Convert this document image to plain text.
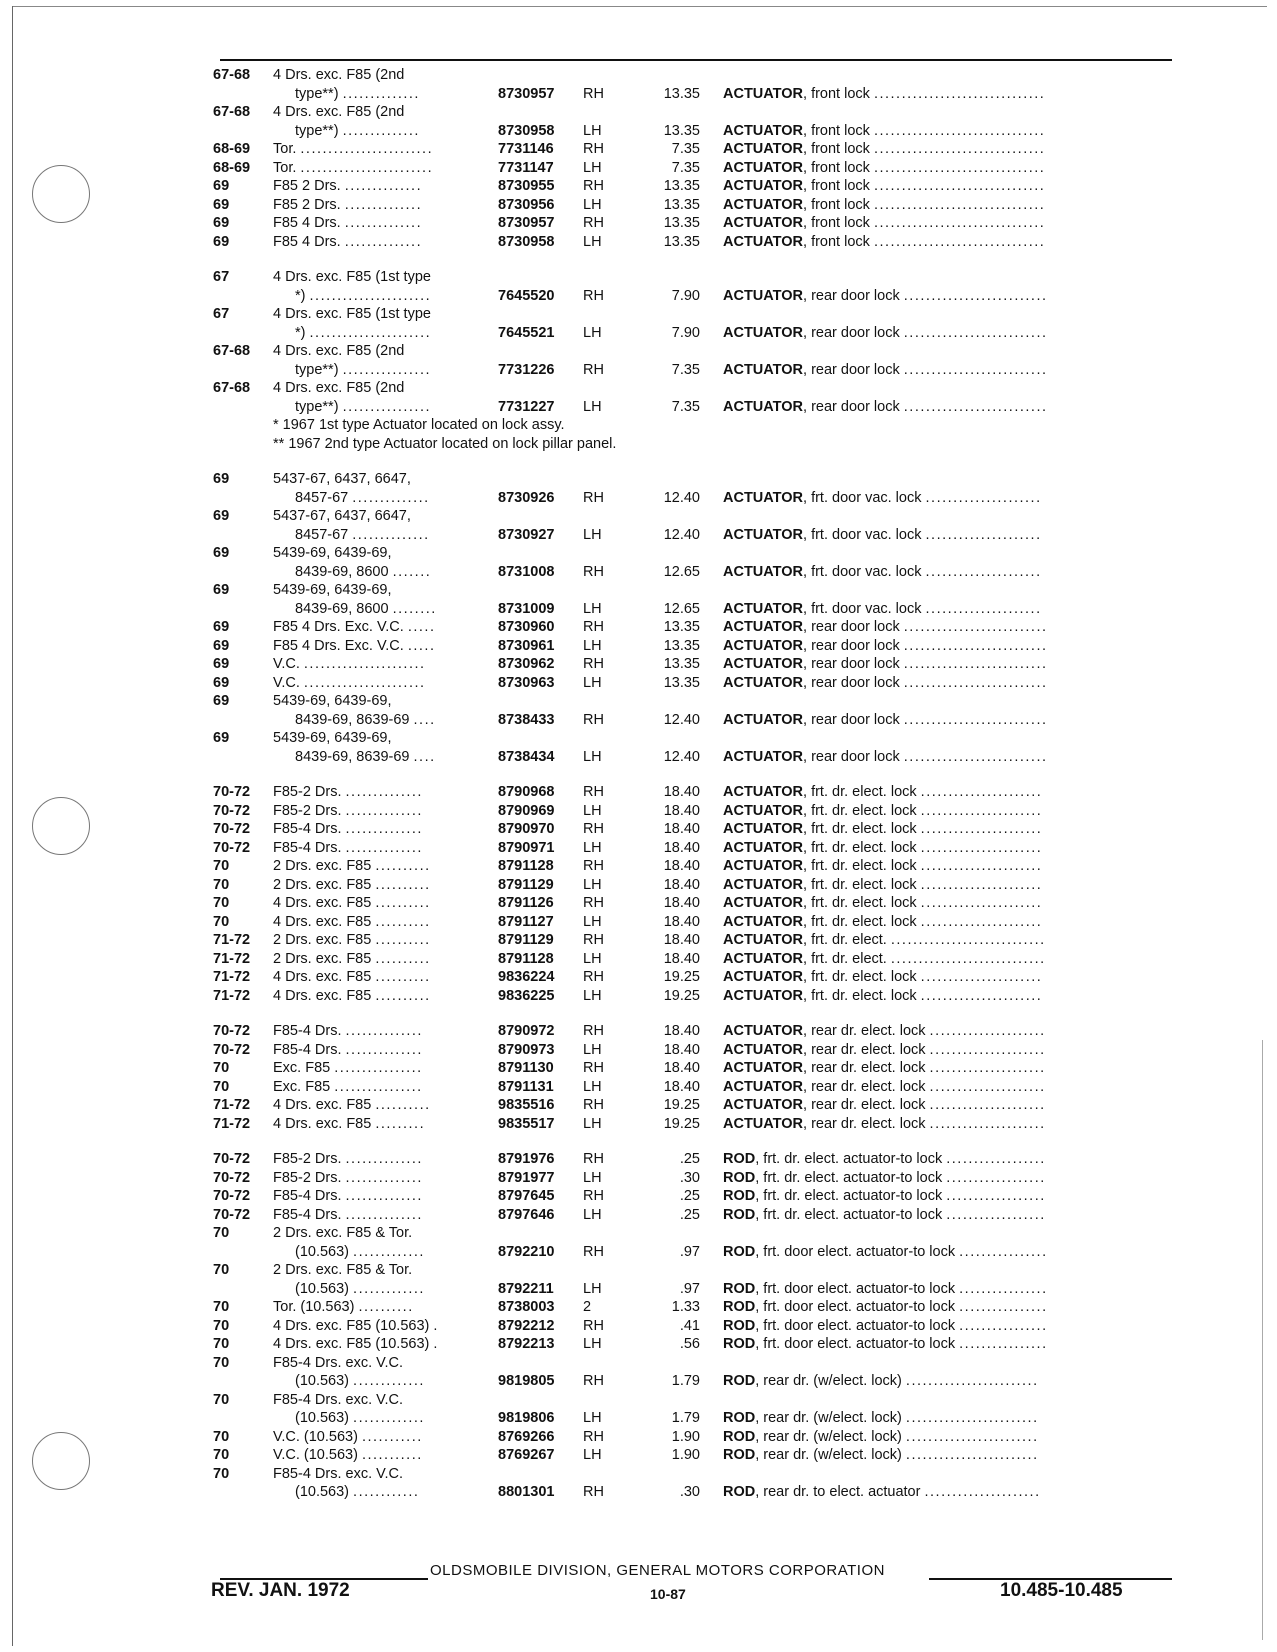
67-68 4 Drs. exc. F85 (2nd
type**) ..............	8730957 RH	13.35 ACTUATOR, front lock ...............................
67-68 4 Drs. exc. F85 (2nd
type**) ..............	8730958 LH	13.35 ACTUATOR, front lock ...............................
68-69 Tor. ........................	7731146 RH	7.35 ACTUATOR, front lock ...............................
68-69 Tor. ........................	7731147 LH	7.35 ACTUATOR, front lock ...............................
69	F85 2 Drs. ..............	8730955 RH	13.35 ACTUATOR, front lock ...............................
69	F85 2 Drs. ..............	8730956 LH	13.35 ACTUATOR, front lock ...............................
69	F85 4 Drs. ..............	8730957 RH	13.35 ACTUATOR, front lock ...............................
69	F85 4 Drs. ..............	8730958 LH	13.35 ACTUATOR, front lock ...............................
67	4 Drs. exc. F85 (1st type
*) ......................	7645520 RH	7.90 ACTUATOR, rear door lock ..........................
67	4 Drs. exc. F85 (1st type
*) ......................	7645521 LH	7.90 ACTUATOR, rear door lock ..........................
67-68 4 Drs. exc. F85 (2nd
type**) ................	7731226 RH	7.35 ACTUATOR, rear door lock ..........................
67-68 4 Drs. exc. F85 (2nd
type**) ................	7731227 LH	7.35 ACTUATOR, rear door lock ..........................
* 1967 1st type Actuator located on lock assy.
** 1967 2nd type Actuator located on lock pillar panel.
69	5437-67, 6437, 6647,
8457-67 ..............	8730926 RH	12.40 ACTUATOR, frt. door vac. lock .....................
69	5437-67, 6437, 6647,
8457-67 ..............	8730927 LH	12.40 ACTUATOR, frt. door vac. lock .....................
69	5439-69, 6439-69,
8439-69, 8600 .......	8731008 RH	12.65 ACTUATOR, frt. door vac. lock .....................
69	5439-69, 6439-69,
8439-69, 8600 ........	8731009 LH	12.65 ACTUATOR, frt. door vac. lock .....................
69	F85 4 Drs. Exc. V.C. .....	8730960 RH	13.35 ACTUATOR, rear door lock ..........................
69	F85 4 Drs. Exc. V.C. .....	8730961 LH	13.35 ACTUATOR, rear door lock ..........................
69	V.C. ......................	8730962 RH	13.35 ACTUATOR, rear door lock ..........................
69	V.C. ......................	8730963 LH	13.35 ACTUATOR, rear door lock ..........................
69	5439-69, 6439-69,
8439-69, 8639-69 ....	8738433 RH	12.40 ACTUATOR, rear door lock ..........................
69	5439-69, 6439-69,
8439-69, 8639-69 ....	8738434 LH	12.40 ACTUATOR, rear door lock ..........................
70-72 F85-2 Drs. ..............	8790968 RH	18.40 ACTUATOR, frt. dr. elect. lock ......................
70-72 F85-2 Drs. ..............	8790969 LH	18.40 ACTUATOR, frt. dr. elect. lock ......................
70-72 F85-4 Drs. ..............	8790970 RH	18.40 ACTUATOR, frt. dr. elect. lock ......................
70-72 F85-4 Drs. ..............	8790971 LH	18.40 ACTUATOR, frt. dr. elect. lock ......................
70	2 Drs. exc. F85 ..........	8791128 RH	18.40 ACTUATOR, frt. dr. elect. lock ......................
70	2 Drs. exc. F85 ..........	8791129 LH	18.40 ACTUATOR, frt. dr. elect. lock ......................
70	4 Drs. exc. F85 ..........	8791126 RH	18.40 ACTUATOR, frt. dr. elect. lock ......................
70	4 Drs. exc. F85 ..........	8791127 LH	18.40 ACTUATOR, frt. dr. elect. lock ......................
71-72 2 Drs. exc. F85 ..........	8791129 RH	18.40 ACTUATOR, frt. dr. elect. ............................
71-72 2 Drs. exc. F85 ..........	8791128 LH	18.40 ACTUATOR, frt. dr. elect. ............................
71-72 4 Drs. exc. F85 ..........	9836224 RH	19.25 ACTUATOR, frt. dr. elect. lock ......................
71-72 4 Drs. exc. F85 ..........	9836225 LH	19.25 ACTUATOR, frt. dr. elect. lock ......................
70-72 F85-4 Drs. ..............	8790972 RH	18.40 ACTUATOR, rear dr. elect. lock .....................
70-72 F85-4 Drs. ..............	8790973 LH	18.40 ACTUATOR, rear dr. elect. lock .....................
70	Exc. F85 ................	8791130 RH	18.40 ACTUATOR, rear dr. elect. lock .....................
70	Exc. F85 ................	8791131 LH	18.40 ACTUATOR, rear dr. elect. lock .....................
71-72 4 Drs. exc. F85 ..........	9835516 RH	19.25 ACTUATOR, rear dr. elect. lock .....................
71-72 4 Drs. exc. F85 .........	9835517 LH	19.25 ACTUATOR, rear dr. elect. lock .....................
70-72 F85-2 Drs. ..............	8791976 RH	.25 ROD, frt. dr. elect. actuator-to lock ..................
70-72 F85-2 Drs. ..............	8791977 LH	.30 ROD, frt. dr. elect. actuator-to lock ..................
70-72 F85-4 Drs. ..............	8797645 RH	.25 ROD, frt. dr. elect. actuator-to lock ..................
70-72 F85-4 Drs. ..............	8797646 LH	.25 ROD, frt. dr. elect. actuator-to lock ..................
70	2 Drs. exc. F85 & Tor.
(10.563) .............	8792210 RH	.97 ROD, frt. door elect. actuator-to lock ................
70	2 Drs. exc. F85 & Tor.
(10.563) .............	8792211 LH	.97 ROD, frt. door elect. actuator-to lock ................
70	Tor. (10.563) ..........	8738003 2	1.33 ROD, frt. door elect. actuator-to lock ................
70	4 Drs. exc. F85 (10.563) .	8792212 RH	.41 ROD, frt. door elect. actuator-to lock ................
70	4 Drs. exc. F85 (10.563) .	8792213 LH	.56 ROD, frt. door elect. actuator-to lock ................
70	F85-4 Drs. exc. V.C.
(10.563) .............	9819805 RH	1.79 ROD, rear dr. (w/elect. lock) ........................
70	F85-4 Drs. exc. V.C.
(10.563) .............	9819806 LH	1.79 ROD, rear dr. (w/elect. lock) ........................
70	V.C. (10.563) ...........	8769266 RH	1.90 ROD, rear dr. (w/elect. lock) ........................
70	V.C. (10.563) ...........	8769267 LH	1.90 ROD, rear dr. (w/elect. lock) ........................
70	F85-4 Drs. exc. V.C.
(10.563) ............	8801301 RH	.30 ROD, rear dr. to elect. actuator .....................
OLDSMOBILE DIVISION, GENERAL MOTORS CORPORATION
REV. JAN. 1972	10-87	10.485-10.485
